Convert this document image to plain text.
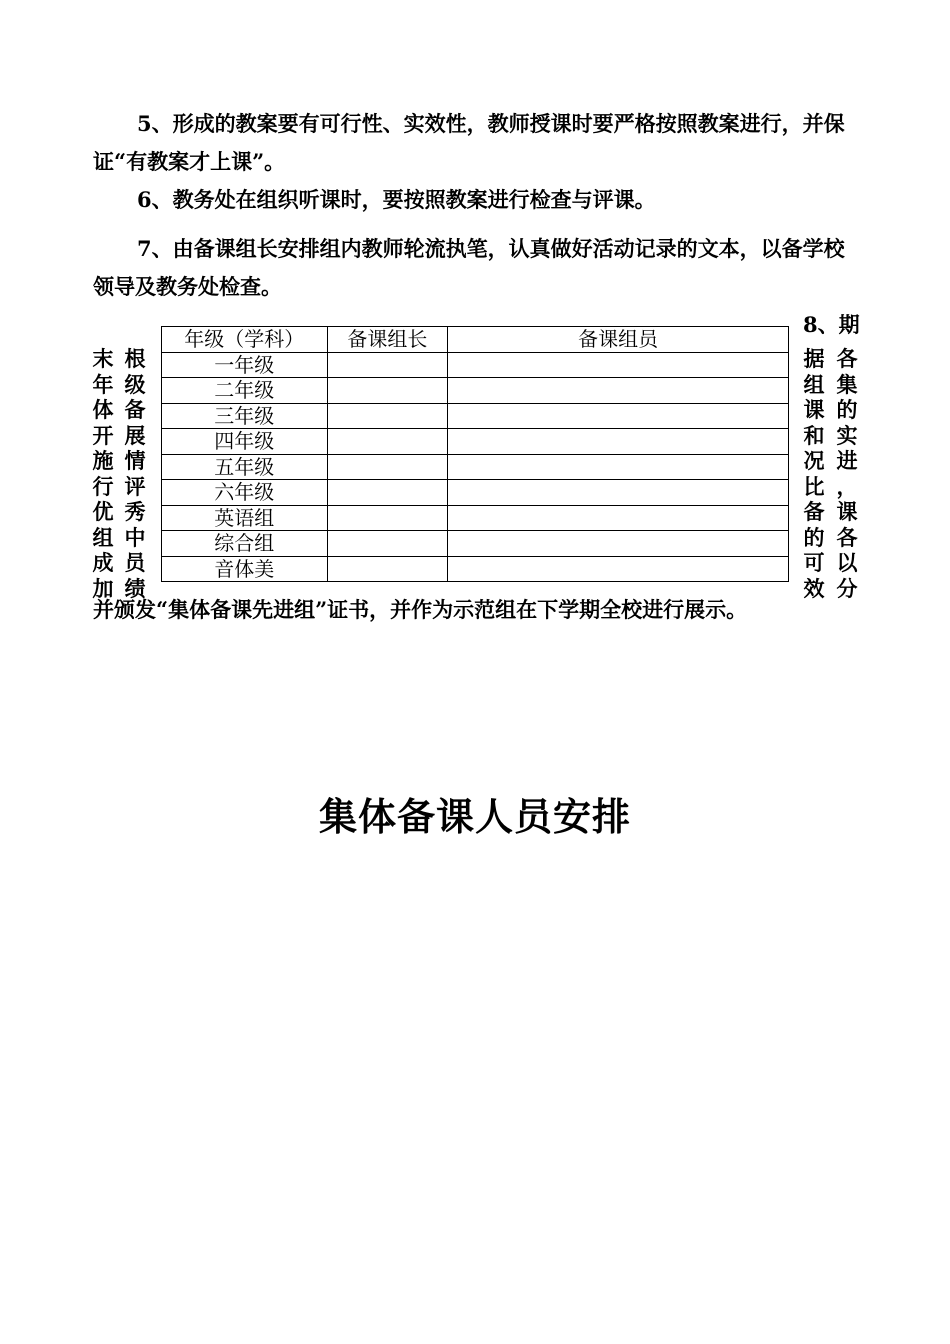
5、形成的教案要有可行性、实效性，教师授课时要严格按照教案进行，并保证“有教案才上课”。

6、教务处在组织听课时，要按照教案进行检查与评课。

7、由备课组长安排组内教师轮流执笔，认真做好活动记录的文本，以备学校领导及教务处检查。

8、期
末
年
体
开
施
行
优
组
成
加
根
级
备
展
情
评
秀
中
员
绩
据
组
课
和
况
比
备
的
可
效
各
集
的
实
进
，
课
各
以
分
年级（学科）	备课组长	备课组员
一年级		
二年级		
三年级		
四年级		
五年级		
六年级		
英语组		
综合组		
音体美		
并颁发“集体备课先进组”证书，并作为示范组在下学期全校进行展示。
集体备课人员安排
